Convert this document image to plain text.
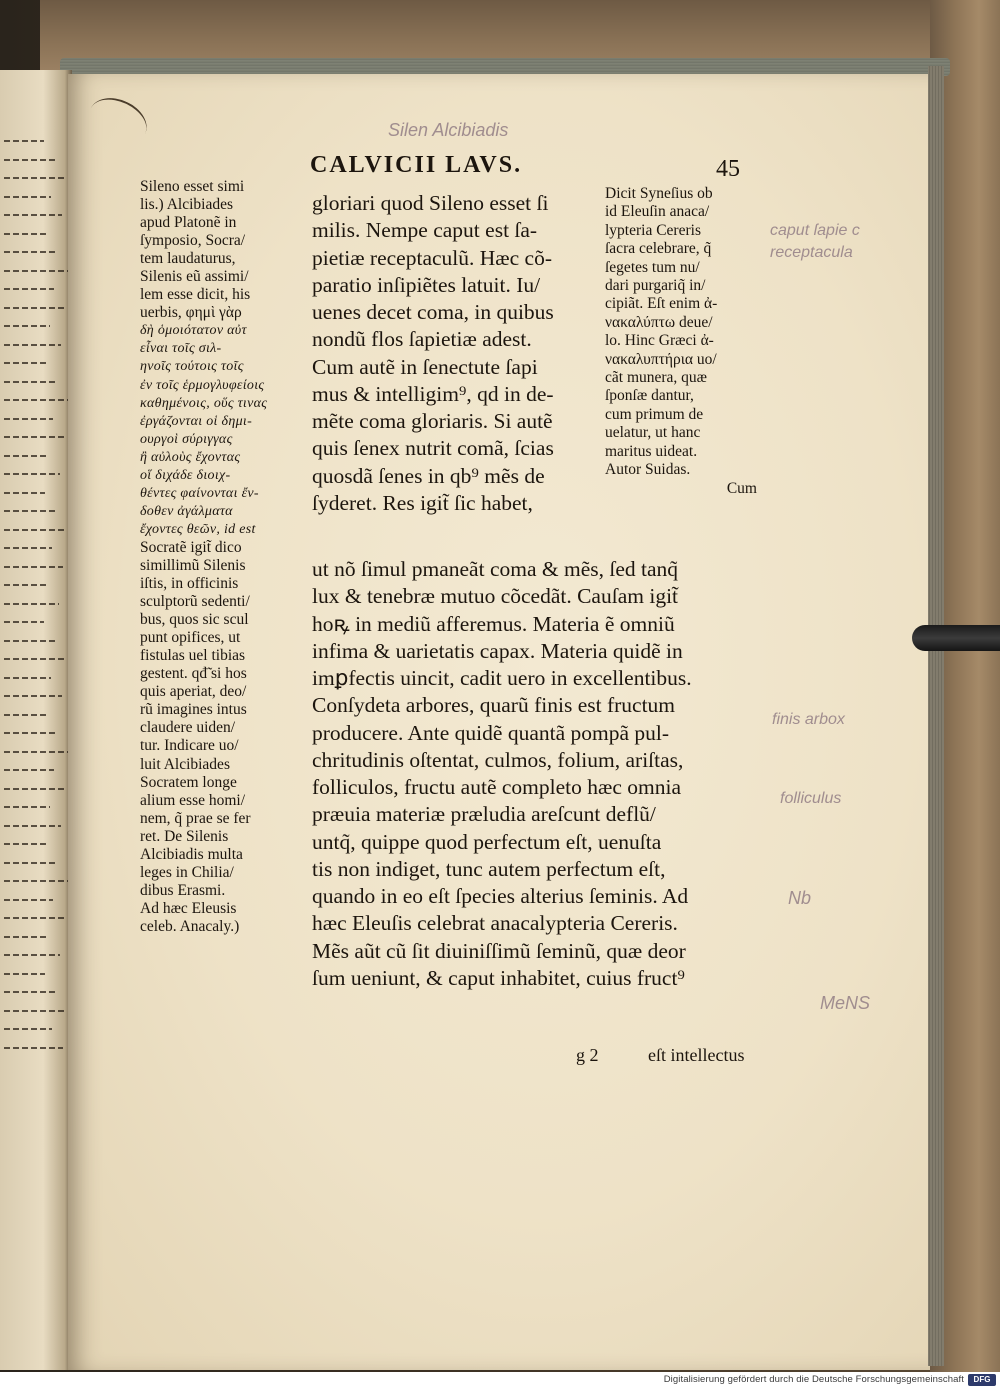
Silen Alcibiadis
caput ſapie c
receptacula
finis arbox
folliculus
Nb
MeNS
CALVICII LAVS.	45
Sileno esset simi
lis.) Alcibiades
apud Platonẽ in
ſymposio, Socra/
tem laudaturus,
Silenis eũ assimi/
lem esse dicit, his
uerbis, φημὶ γὰρ
δὴ ὁμοιότατον αὐτ
εἶναι τοῖς σιλ-
ηνοῖς τούτοις τοῖς
ἐν τοῖς ἑρμογλυφείοις
καθημένοις, οὕς τινας
ἐργάζονται οἱ δημι-
ουργοὶ σύριγγας
ἢ αὐλοὺς ἔχοντας
οἵ διχάδε διοιχ-
θέντες φαίνονται ἔν-
δοθεν ἀγάλματα
ἔχοντες θεῶν, id est
Socratẽ igit̃ dico
simillimũ Silenis
iſtis, in officinis
sculptorũ sedenti/
bus, quos sic scul
punt opifices, ut
fistulas uel tibias
gestent. qđ̃ si hos
quis aperiat, deo/
rũ imagines intus
claudere uiden/
tur. Indicare uo/
luit Alcibiades
Socratem longe
alium esse homi/
nem, q̃ prae se fer
ret. De Silenis
Alcibiadis multa
leges in Chilia/
dibus Erasmi.
Ad hæc Eleusis
celeb. Anacaly.)
gloriari quod Sileno esset ſi
milis. Nempe caput est ſa-
pietiæ receptaculũ. Hæc cõ-
paratio inſipiẽtes latuit. Iu/
uenes decet coma, in quibus
nondũ flos ſapietiæ adest.
Cum autẽ in ſenectute ſapi
mus & intelligim⁹, qd in de-
mẽte coma gloriaris. Si autẽ
quis ſenex nutrit comã, ſcias
quosdã ſenes in qb⁹ mẽs de
ſyderet. Res igit̃ ſic habet,
Dicit Syneſius ob
id Eleuſin anaca/
lypteria Cereris
ſacra celebrare, q̃
ſegetes tum nu/
dari purgariq̃ in/
cipiãt. Eſt enim ἀ-
νακαλύπτω deue/
lo. Hinc Græci ἀ-
νακαλυπτήρια uo/
cãt munera, quæ
ſponſæ dantur,
cum primum de
uelatur, ut hanc
maritus uideat.
Autor Suidas.
Cum
ut nõ ſimul pmaneãt coma & mẽs, ſed tanq̃
lux & tenebræ mutuo cõcedãt. Cauſam igit̃
hoꝶ in mediũ afferemus. Materia ẽ omniũ
infima & uarietatis capax. Materia quidẽ in
imꝑfectis uincit, cadit uero in excellentibus.
Conſydeta arbores, quarũ finis est fructum
producere. Ante quidẽ quantã pompã pul-
chritudinis oſtentat, culmos, folium, ariſtas,
folliculos, fructu autẽ completo hæc omnia
præuia materiæ præludia areſcunt deflũ/
untq̃, quippe quod perfectum eſt, uenuſta
tis non indiget, tunc autem perfectum eſt,
quando in eo eſt ſpecies alterius ſeminis. Ad
hæc Eleuſis celebrat anacalypteria Cereris.
Mẽs aũt cũ ſit diuiniſſimũ ſeminũ, quæ deor
ſum ueniunt, & caput inhabitet, cuius fruct⁹
g 2	eſt intellectus
Digitalisierung gefördert durch die Deutsche Forschungsgemeinschaft	DFG
